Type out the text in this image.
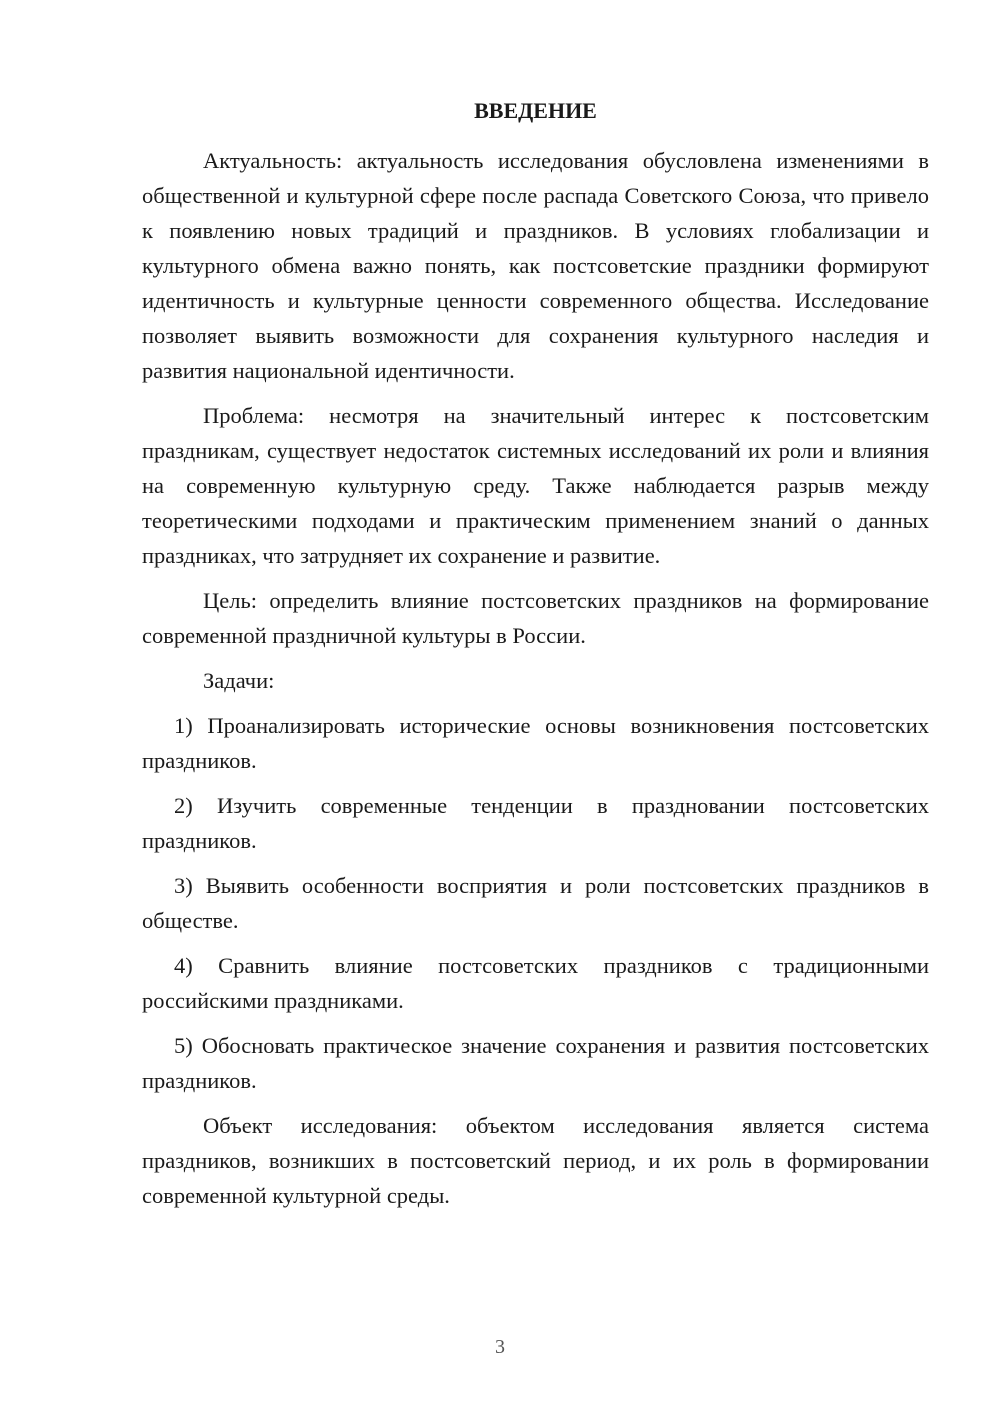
ВВЕДЕНИЕ

Актуальность: актуальность исследования обусловлена изменениями в общественной и культурной сфере после распада Советского Союза, что привело к появлению новых традиций и праздников. В условиях глобализации и культурного обмена важно понять, как постсоветские праздники формируют идентичность и культурные ценности современного общества. Исследование позволяет выявить возможности для сохранения культурного наследия и развития национальной идентичности.

Проблема: несмотря на значительный интерес к постсоветским праздникам, существует недостаток системных исследований их роли и влияния на современную культурную среду. Также наблюдается разрыв между теоретическими подходами и практическим применением знаний о данных праздниках, что затрудняет их сохранение и развитие.

Цель: определить влияние постсоветских праздников на формирование современной праздничной культуры в России.

Задачи:

1) Проанализировать исторические основы возникновения постсоветских праздников.

2) Изучить современные тенденции в праздновании постсоветских праздников.

3) Выявить особенности восприятия и роли постсоветских праздников в обществе.

4) Сравнить влияние постсоветских праздников с традиционными российскими праздниками.

5) Обосновать практическое значение сохранения и развития постсоветских праздников.

Объект исследования: объектом исследования является система праздников, возникших в постсоветский период, и их роль в формировании современной культурной среды.

3
